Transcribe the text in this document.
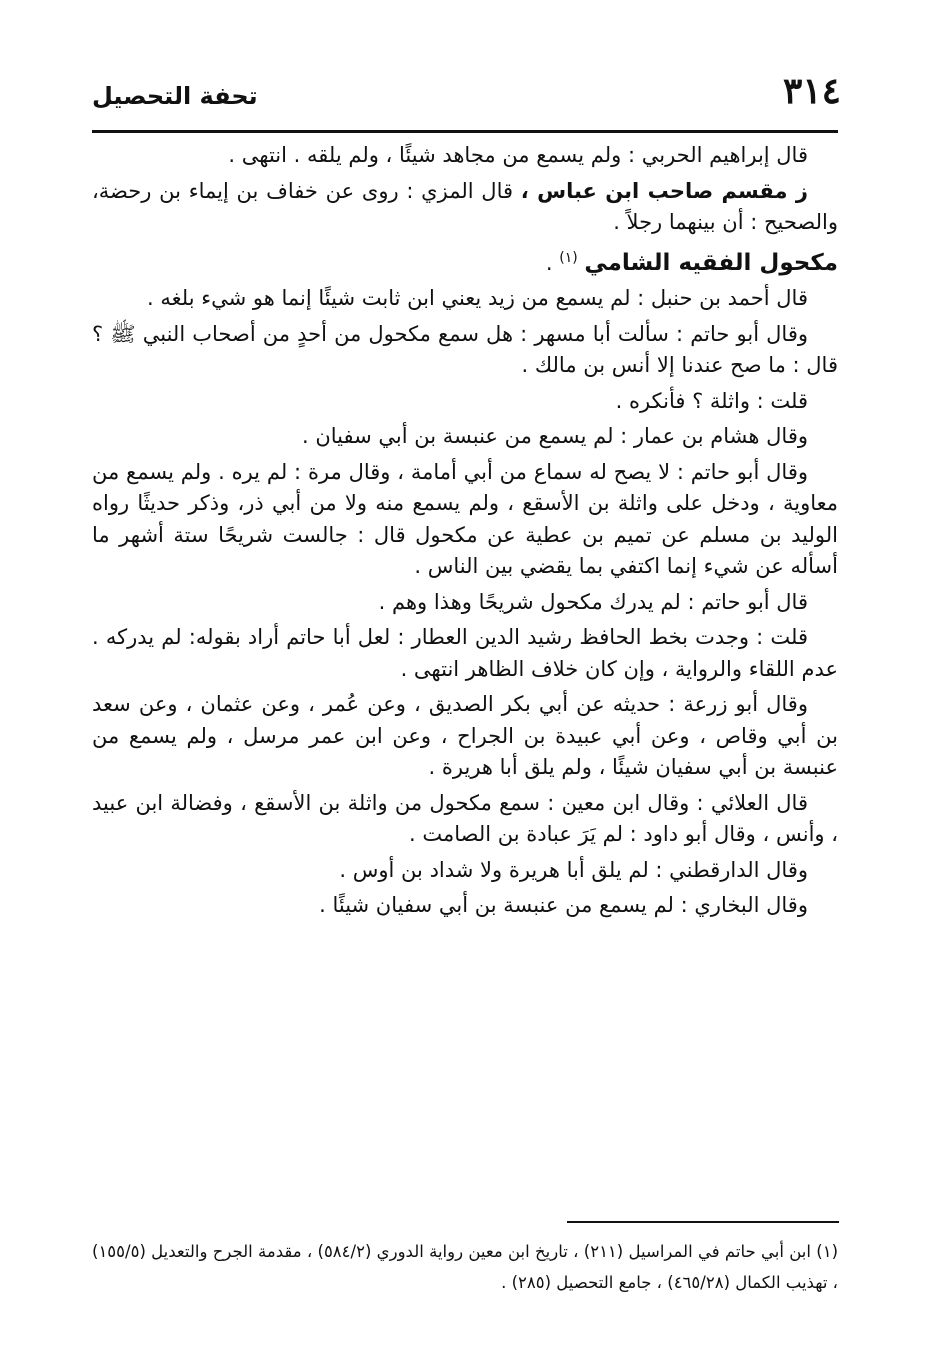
٣١٤
تحفة التحصيل

قال إبراهيم الحربي : ولم يسمع من مجاهد شيئًا ، ولم يلقه . انتهى .

ز مقسم صاحب ابن عباس ، قال المزي : روى عن خفاف بن إيماء بن رحضة، والصحيح : أن بينهما رجلاً .

مكحول الفقيه الشامي $^{(١)}$ .

قال أحمد بن حنبل : لم يسمع من زيد يعني ابن ثابت شيئًا إنما هو شيء بلغه .

وقال أبو حاتم : سألت أبا مسهر : هل سمع مكحول من أحدٍ من أصحاب النبي ﷺ ؟ قال : ما صح عندنا إلا أنس بن مالك .

قلت : واثلة ؟ فأنكره .

وقال هشام بن عمار : لم يسمع من عنبسة بن أبي سفيان .

وقال أبو حاتم : لا يصح له سماع من أبي أمامة ، وقال مرة : لم يره . ولم يسمع من معاوية ، ودخل على واثلة بن الأسقع ، ولم يسمع منه ولا من أبي ذر، وذكر حديثًا رواه الوليد بن مسلم عن تميم بن عطية عن مكحول قال : جالست شريحًا ستة أشهر ما أسأله عن شيء إنما اكتفي بما يقضي بين الناس .

قال أبو حاتم : لم يدرك مكحول شريحًا وهذا وهم .

قلت : وجدت بخط الحافظ رشيد الدين العطار : لعل أبا حاتم أراد بقوله: لم يدركه . عدم اللقاء والرواية ، وإن كان خلاف الظاهر انتهى .

وقال أبو زرعة : حديثه عن أبي بكر الصديق ، وعن عُمر ، وعن عثمان ، وعن سعد بن أبي وقاص ، وعن أبي عبيدة بن الجراح ، وعن ابن عمر مرسل ، ولم يسمع من عنبسة بن أبي سفيان شيئًا ، ولم يلق أبا هريرة .

قال العلائي : وقال ابن معين : سمع مكحول من واثلة بن الأسقع ، وفضالة ابن عبيد ، وأنس ، وقال أبو داود : لم يَرَ عبادة بن الصامت .

وقال الدارقطني : لم يلق أبا هريرة ولا شداد بن أوس .

وقال البخاري : لم يسمع من عنبسة بن أبي سفيان شيئًا .

(١) ابن أبي حاتم في المراسيل (٢١١) ، تاريخ ابن معين رواية الدوري (٥٨٤/٢) ، مقدمة الجرح والتعديل (١٥٥/٥) ، تهذيب الكمال (٤٦٥/٢٨) ، جامع التحصيل (٢٨٥) .
